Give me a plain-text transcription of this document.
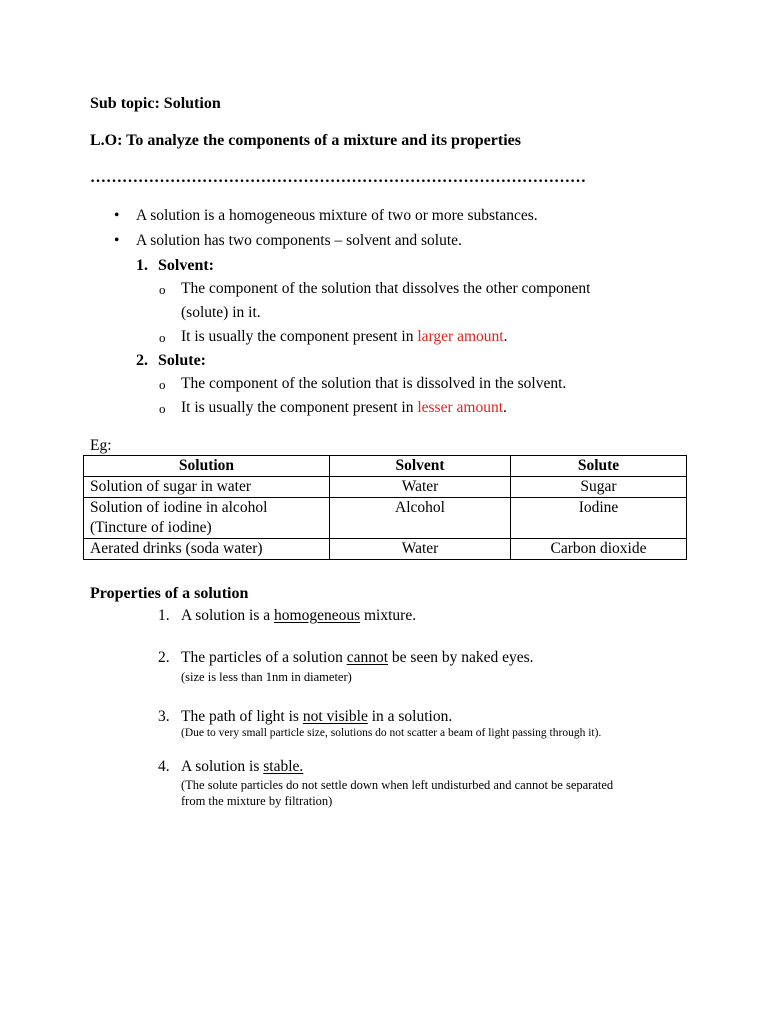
Sub topic: Solution
L.O: To analyze the components of a mixture and its properties
…………………………………………………………………………………
• A solution is a homogeneous mixture of two or more substances.
• A solution has two components – solvent and solute.
1. Solvent:
o The component of the solution that dissolves the other component
(solute) in it.
o It is usually the component present in larger amount.
2. Solute:
o The component of the solution that is dissolved in the solvent.
o It is usually the component present in lesser amount.
Eg:
Solution	Solvent	Solute
Solution of sugar in water	Water	Sugar

Solution of iodine in alcohol
(Tincture of iodine)	Alcohol	Iodine
Aerated drinks (soda water)	Water	Carbon dioxide
Properties of a solution
1. A solution is a homogeneous mixture.
2. The particles of a solution cannot be seen by naked eyes.
(size is less than 1nm in diameter)
3. The path of light is not visible in a solution.
(Due to very small particle size, solutions do not scatter a beam of light passing through it).
4. A solution is stable.
(The solute particles do not settle down when left undisturbed and cannot be separated
from the mixture by filtration)
